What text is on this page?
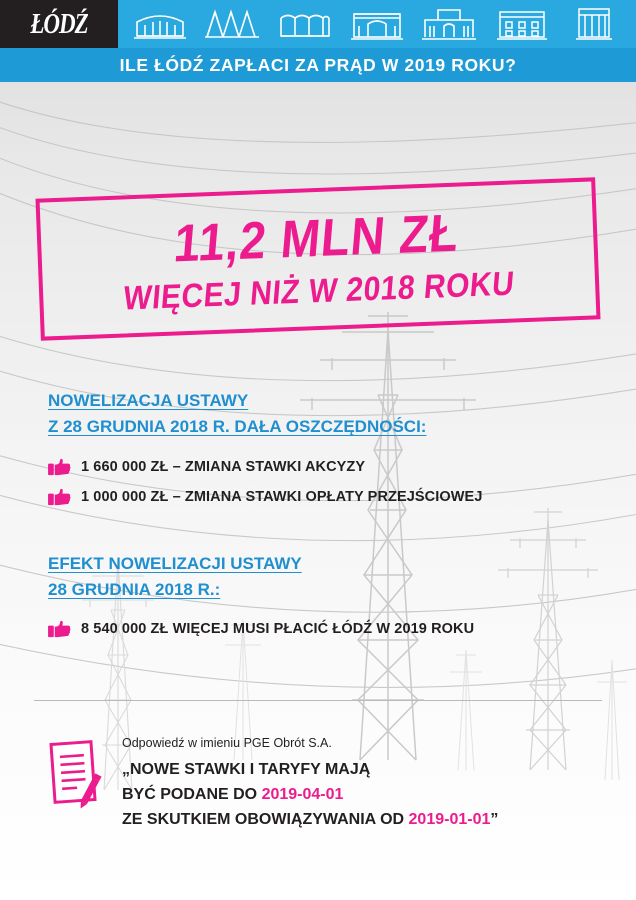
ŁÓDŹ
ILE ŁÓDŹ ZAPŁACI ZA PRĄD W 2019 ROKU?
11,2 MLN ZŁ
WIĘCEJ NIŻ W 2018 ROKU
NOWELIZACJA USTAWY
Z 28 GRUDNIA 2018 R. DAŁA OSZCZĘDNOŚCI:
1 660 000 ZŁ – ZMIANA STAWKI AKCYZY
1 000 000 ZŁ – ZMIANA STAWKI OPŁATY PRZEJŚCIOWEJ
EFEKT NOWELIZACJI USTAWY
28 GRUDNIA 2018 R.:
8 540 000 ZŁ WIĘCEJ MUSI PŁACIĆ ŁÓDŹ W 2019 ROKU
Odpowiedź w imieniu PGE Obrót S.A.
„NOWE STAWKI I TARYFY MAJĄ
BYĆ PODANE DO 2019-04-01
ZE SKUTKIEM OBOWIĄZYWANIA OD 2019-01-01”
